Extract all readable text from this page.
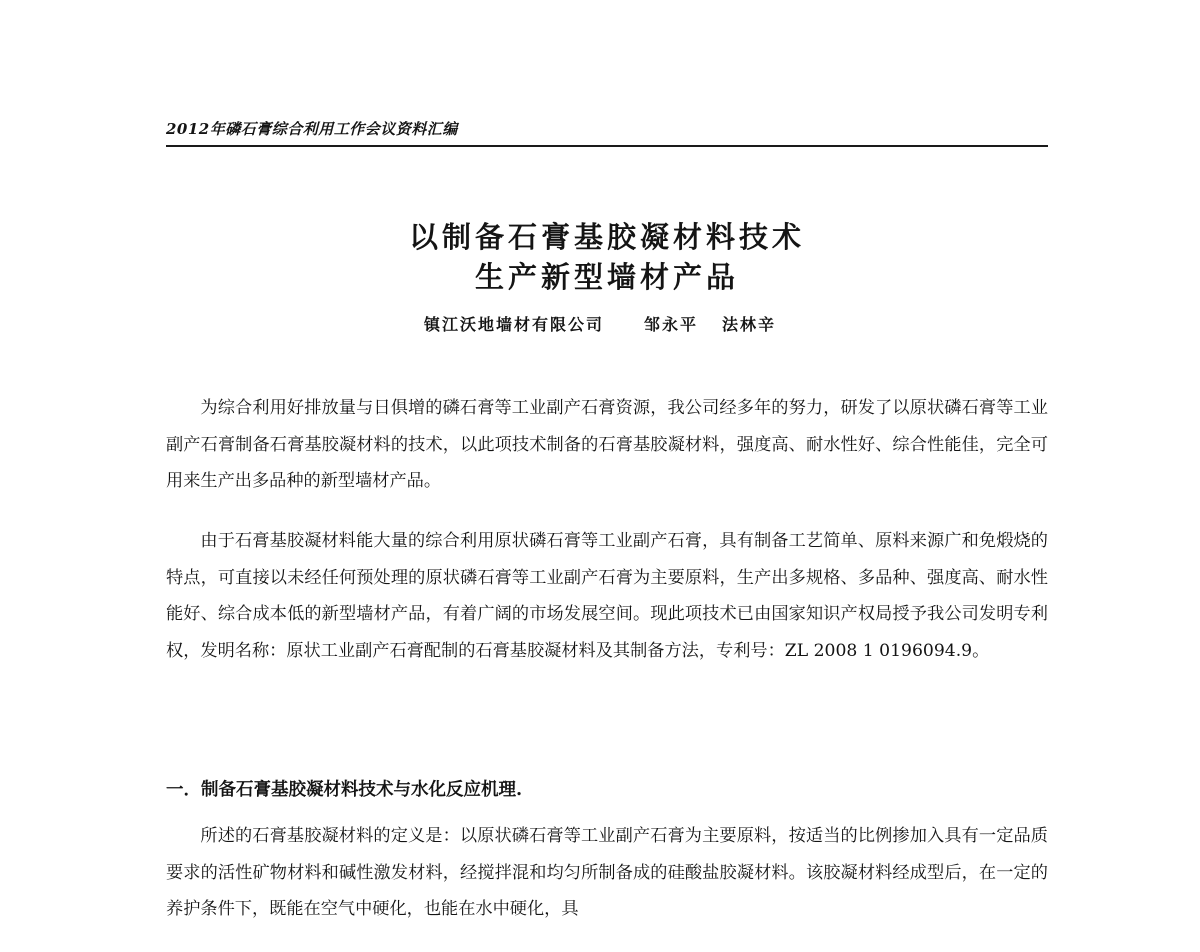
2012年磷石膏综合利用工作会议资料汇编
以制备石膏基胶凝材料技术
生产新型墙材产品
镇江沃地墙材有限公司	邹永平 法林辛

为综合利用好排放量与日俱增的磷石膏等工业副产石膏资源，我公司经多年的努力，研发了以原状磷石膏等工业副产石膏制备石膏基胶凝材料的技术，以此项技术制备的石膏基胶凝材料，强度高、耐水性好、综合性能佳，完全可用来生产出多品种的新型墙材产品。

由于石膏基胶凝材料能大量的综合利用原状磷石膏等工业副产石膏，具有制备工艺简单、原料来源广和免煅烧的特点，可直接以未经任何预处理的原状磷石膏等工业副产石膏为主要原料，生产出多规格、多品种、强度高、耐水性能好、综合成本低的新型墙材产品，有着广阔的市场发展空间。现此项技术已由国家知识产权局授予我公司发明专利权，发明名称：原状工业副产石膏配制的石膏基胶凝材料及其制备方法，专利号：ZL 2008 1 0196094.9。

一．制备石膏基胶凝材料技术与水化反应机理.

所述的石膏基胶凝材料的定义是：以原状磷石膏等工业副产石膏为主要原料，按适当的比例掺加入具有一定品质要求的活性矿物材料和碱性激发材料，经搅拌混和均匀所制备成的硅酸盐胶凝材料。该胶凝材料经成型后，在一定的养护条件下，既能在空气中硬化，也能在水中硬化，具
